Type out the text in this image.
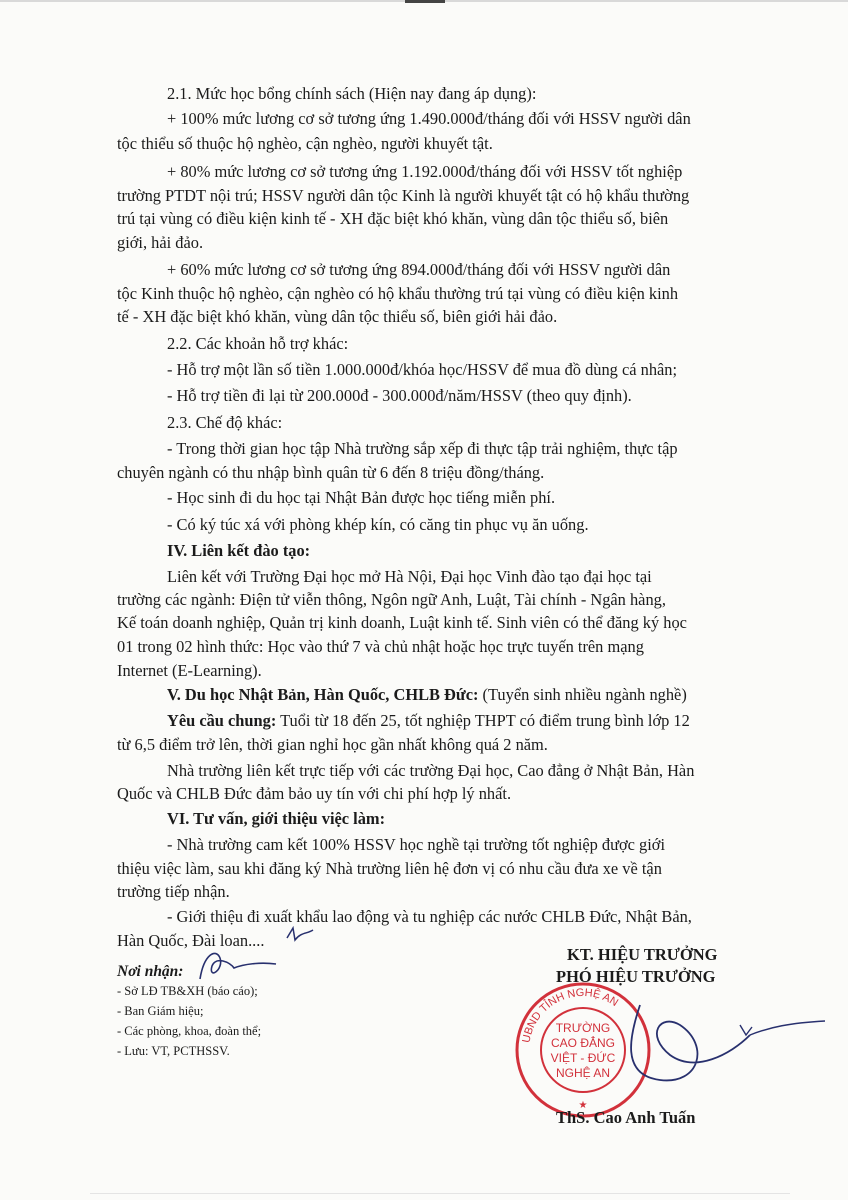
2.1. Mức học bổng chính sách (Hiện nay đang áp dụng):
+ 100% mức lương cơ sở tương ứng 1.490.000đ/tháng đối với HSSV người dân
tộc thiểu số thuộc hộ nghèo, cận nghèo, người khuyết tật.
+ 80% mức lương cơ sở tương ứng 1.192.000đ/tháng đối với HSSV tốt nghiệp
trường PTDT nội trú; HSSV người dân tộc Kinh là người khuyết tật có hộ khẩu thường
trú tại vùng có điều kiện kinh tế - XH đặc biệt khó khăn, vùng dân tộc thiểu số, biên
giới, hải đảo.
+ 60% mức lương cơ sở tương ứng 894.000đ/tháng đối với HSSV người dân
tộc Kinh thuộc hộ nghèo, cận nghèo có hộ khẩu thường trú tại vùng có điều kiện kinh
tế - XH đặc biệt khó khăn, vùng dân tộc thiểu số, biên giới hải đảo.
2.2. Các khoản hỗ trợ khác:
- Hỗ trợ một lần số tiền 1.000.000đ/khóa học/HSSV để mua đồ dùng cá nhân;
- Hỗ trợ tiền đi lại từ 200.000đ - 300.000đ/năm/HSSV (theo quy định).
2.3. Chế độ khác:
- Trong thời gian học tập Nhà trường sắp xếp đi thực tập trải nghiệm, thực tập
chuyên ngành có thu nhập bình quân từ 6 đến 8 triệu đồng/tháng.
- Học sinh đi du học tại Nhật Bản được học tiếng miễn phí.
- Có ký túc xá với phòng khép kín, có căng tin phục vụ ăn uống.
IV. Liên kết đào tạo:
Liên kết với Trường Đại học mở Hà Nội, Đại học Vinh đào tạo đại học tại
trường các ngành: Điện tử viễn thông, Ngôn ngữ Anh, Luật, Tài chính - Ngân hàng,
Kế toán doanh nghiệp, Quản trị kinh doanh, Luật kinh tế. Sinh viên có thể đăng ký học
01 trong 02 hình thức: Học vào thứ 7 và chủ nhật hoặc học trực tuyến trên mạng
Internet (E-Learning).
V. Du học Nhật Bản, Hàn Quốc, CHLB Đức: (Tuyển sinh nhiều ngành nghề)
Yêu cầu chung: Tuổi từ 18 đến 25, tốt nghiệp THPT có điểm trung bình lớp 12
từ 6,5 điểm trở lên, thời gian nghỉ học gần nhất không quá 2 năm.
Nhà trường liên kết trực tiếp với các trường Đại học, Cao đẳng ở Nhật Bản, Hàn
Quốc và CHLB Đức đảm bảo uy tín với chi phí hợp lý nhất.
VI. Tư vấn, giới thiệu việc làm:
- Nhà trường cam kết 100% HSSV học nghề tại trường tốt nghiệp được giới
thiệu việc làm, sau khi đăng ký Nhà trường liên hệ đơn vị có nhu cầu đưa xe về tận
trường tiếp nhận.
- Giới thiệu đi xuất khẩu lao động và tu nghiệp các nước CHLB Đức, Nhật Bản,
Hàn Quốc, Đài loan....
Nơi nhận:
- Sở LĐ TB&XH (báo cáo);
- Ban Giám hiệu;
- Các phòng, khoa, đoàn thể;
- Lưu: VT, PCTHSSV.
KT. HIỆU TRƯỞNG
PHÓ HIỆU TRƯỞNG
UBND TỈNH NGHỆ AN
TRƯỜNG
CAO ĐẲNG
VIỆT - ĐỨC
NGHỆ AN
★
ThS. Cao Anh Tuấn
